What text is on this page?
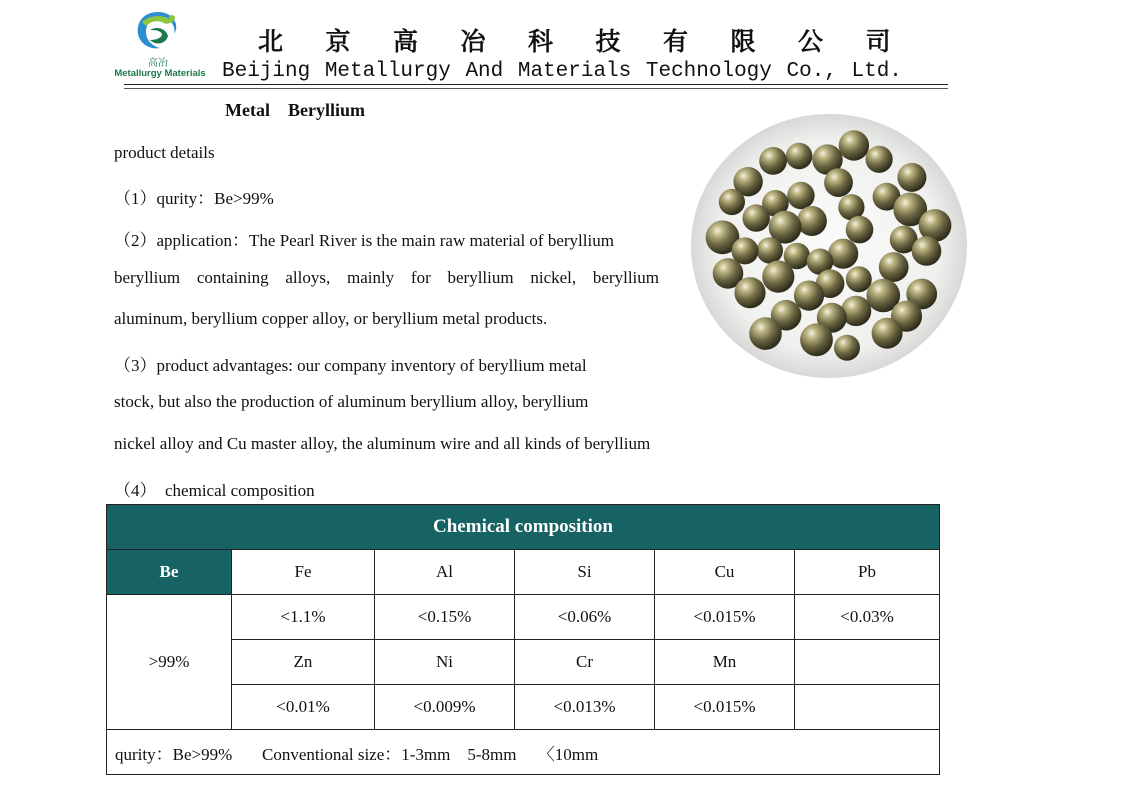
高冶
Metallurgy Materials
北 京 高 冶 科 技 有 限 公 司
Beijing Metallurgy And Materials Technology Co., Ltd.
Metal    Beryllium
product details
（1）qurity：Be>99%
（2）application：The Pearl River is the main raw material of beryllium
beryllium  containing  alloys,  mainly  for  beryllium  nickel,  beryllium
aluminum, beryllium copper alloy, or beryllium metal products.
（3）product advantages: our company inventory of beryllium metal
stock, but also the production of aluminum beryllium alloy, beryllium
nickel alloy and Cu master alloy, the aluminum wire and all kinds of beryllium
（4）  chemical composition
Chemical composition					
Be	Fe	Al	Si	Cu	Pb
>99%	<1.1%	<0.15%	<0.06%	<0.015%	<0.03%
	Zn	Ni	Cr	Mn	
	<0.01%	<0.009%	<0.013%	<0.015%	
qurity：Be>99%       Conventional size：1-3mm    5-8mm     〈10mm					
